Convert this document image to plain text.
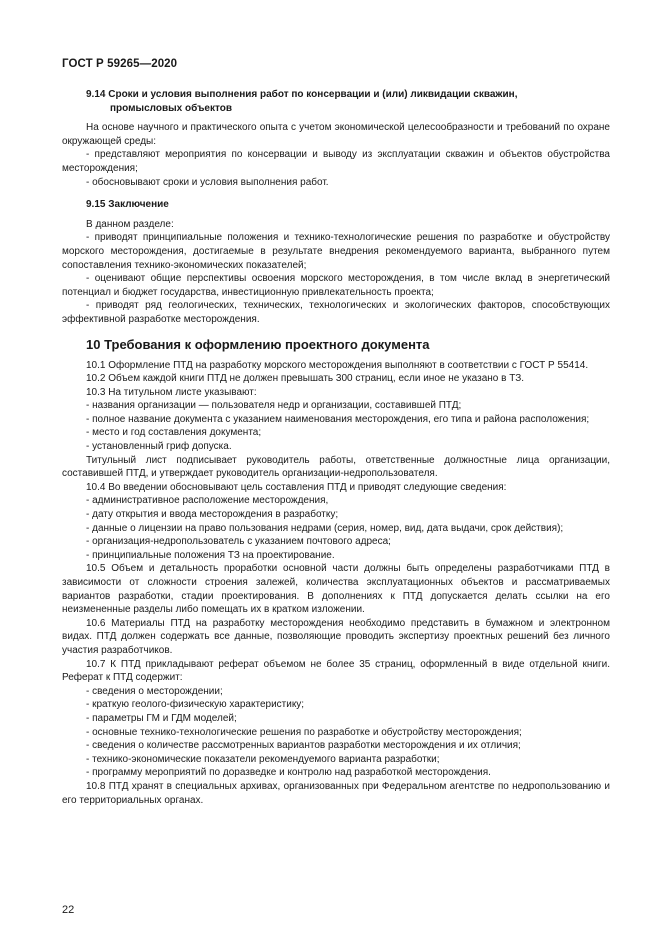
ГОСТ Р 59265—2020

9.14 Сроки и условия выполнения работ по консервации и (или) ликвидации скважин,

промысловых объектов

На основе научного и практического опыта с учетом экономической целесообразности и требований по охране окружающей среды:

- представляют мероприятия по консервации и выводу из эксплуатации скважин и объектов обустройства месторождения;

- обосновывают сроки и условия выполнения работ.

9.15 Заключение

В данном разделе:

- приводят принципиальные положения и технико-технологические решения по разработке и обустройству морского месторождения, достигаемые в результате внедрения рекомендуемого варианта, выбранного путем сопоставления технико-экономических показателей;

- оценивают общие перспективы освоения морского месторождения, в том числе вклад в энергетический потенциал и бюджет государства, инвестиционную привлекательность проекта;

- приводят ряд геологических, технических, технологических и экологических факторов, способствующих эффективной разработке месторождения.

10 Требования к оформлению проектного документа

10.1 Оформление ПТД на разработку морского месторождения выполняют в соответствии с ГОСТ Р 55414.

10.2 Объем каждой книги ПТД не должен превышать 300 страниц, если иное не указано в ТЗ.

10.3 На титульном листе указывают:

- названия организации — пользователя недр и организации, составившей ПТД;

- полное название документа с указанием наименования месторождения, его типа и района расположения;

- место и год составления документа;

- установленный гриф допуска.

Титульный лист подписывает руководитель работы, ответственные должностные лица организации, составившей ПТД, и утверждает руководитель организации-недропользователя.

10.4 Во введении обосновывают цель составления ПТД и приводят следующие сведения:

- административное расположение месторождения,

- дату открытия и ввода месторождения в разработку;

- данные о лицензии на право пользования недрами (серия, номер, вид, дата выдачи, срок действия);

- организация-недропользователь с указанием почтового адреса;

- принципиальные положения ТЗ на проектирование.

10.5 Объем и детальность проработки основной части должны быть определены разработчиками ПТД в зависимости от сложности строения залежей, количества эксплуатационных объектов и рассматриваемых вариантов разработки, стадии проектирования. В дополнениях к ПТД допускается делать ссылки на его неизмененные разделы либо помещать их в кратком изложении.

10.6 Материалы ПТД на разработку месторождения необходимо представить в бумажном и электронном видах. ПТД должен содержать все данные, позволяющие проводить экспертизу проектных решений без личного участия разработчиков.

10.7 К ПТД прикладывают реферат объемом не более 35 страниц, оформленный в виде отдельной книги. Реферат к ПТД содержит:

- сведения о месторождении;

- краткую геолого-физическую характеристику;

- параметры ГМ и ГДМ моделей;

- основные технико-технологические решения по разработке и обустройству месторождения;

- сведения о количестве рассмотренных вариантов разработки месторождения и их отличия;

- технико-экономические показатели рекомендуемого варианта разработки;

- программу мероприятий по доразведке и контролю над разработкой месторождения.

10.8 ПТД хранят в специальных архивах, организованных при Федеральном агентстве по недропользованию и его территориальных органах.

22
